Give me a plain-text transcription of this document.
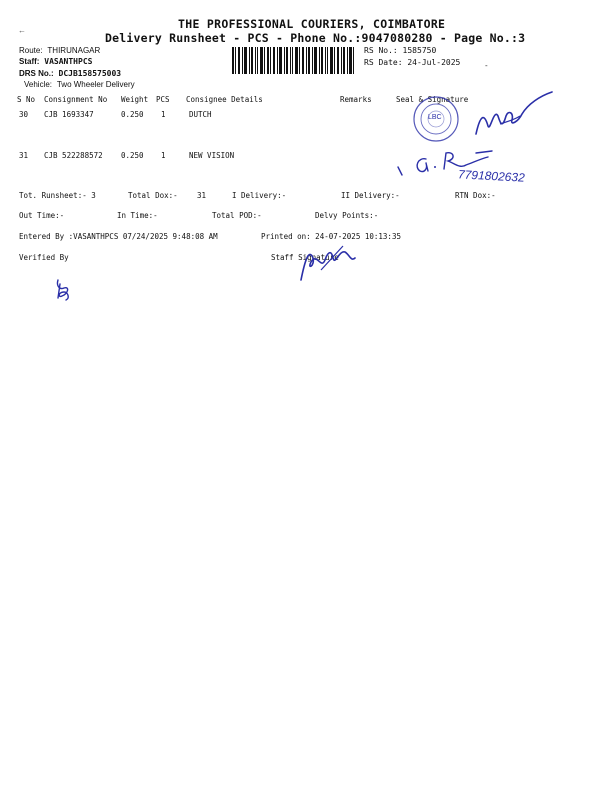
THE PROFESSIONAL COURIERS, COIMBATORE
Delivery Runsheet - PCS - Phone No.:9047080280 - Page No.:3
←
Route: THIRUNAGAR
Staff: VASANTHPCS
DRS No.: DCJB158575003
Vehicle: Two Wheeler Delivery
RS No.: 1585750
RS Date: 24-Jul-2025	-
S No Consignment No Weight PCS Consignee Details	Remarks	Seal & Signature
30 CJB 1693347	0.250 1	DUTCH
31 CJB 522288572 0.250 1	NEW VISION
Tot. Runsheet:- 3	Total Dox:-	31	I Delivery:-	II Delivery:-	RTN Dox:-
Out Time:-	In Time:-	Total POD:-	Delvy Points:-
Entered By :VASANTHPCS 07/24/2025 9:48:08 AM	Printed on: 24-07-2025 10:13:35
Verified By	Staff Signature
LBC
7791802632
